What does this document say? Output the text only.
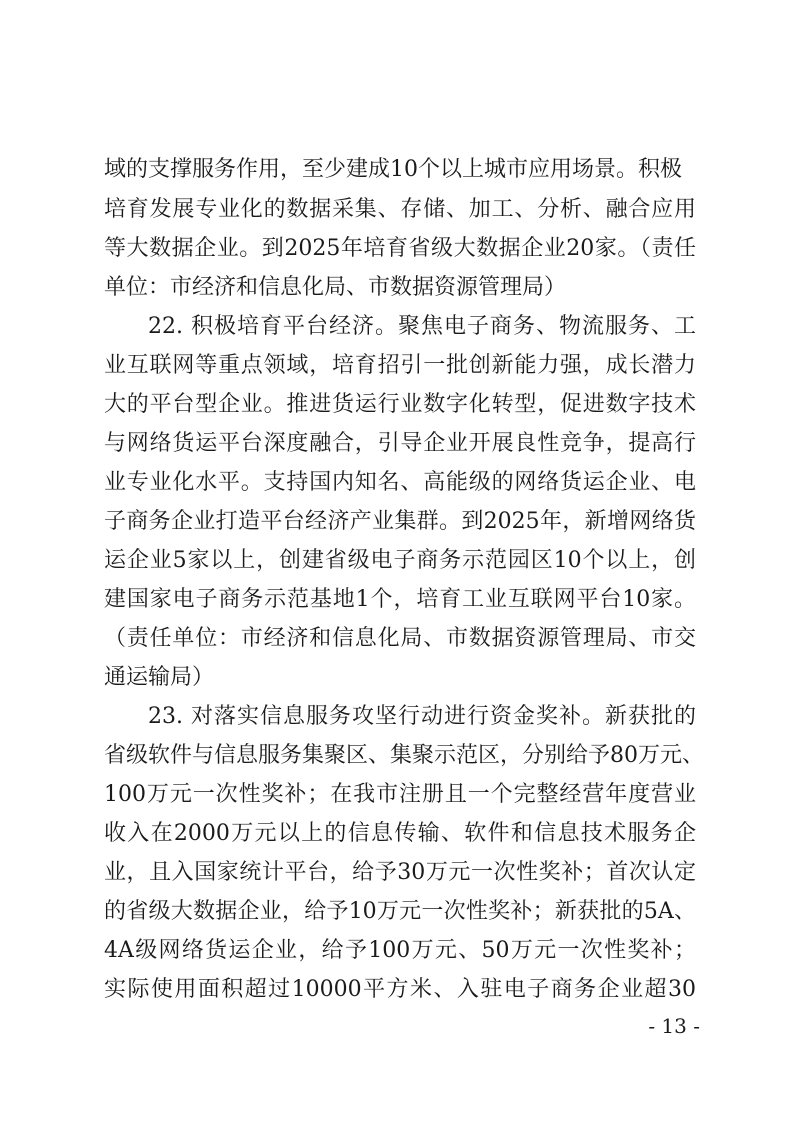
域的支撑服务作用，至少建成10个以上城市应用场景。积极
培育发展专业化的数据采集、存储、加工、分析、融合应用
等大数据企业。到2025年培育省级大数据企业20家。（责任
单位：市经济和信息化局、市数据资源管理局）
22. 积极培育平台经济。聚焦电子商务、物流服务、工
业互联网等重点领域，培育招引一批创新能力强，成长潜力
大的平台型企业。推进货运行业数字化转型，促进数字技术
与网络货运平台深度融合，引导企业开展良性竞争，提高行
业专业化水平。支持国内知名、高能级的网络货运企业、电
子商务企业打造平台经济产业集群。到2025年，新增网络货
运企业5家以上，创建省级电子商务示范园区10个以上，创
建国家电子商务示范基地1个，培育工业互联网平台10家。
（责任单位：市经济和信息化局、市数据资源管理局、市交
通运输局）
23. 对落实信息服务攻坚行动进行资金奖补。新获批的
省级软件与信息服务集聚区、集聚示范区，分别给予80万元、
100万元一次性奖补；在我市注册且一个完整经营年度营业
收入在2000万元以上的信息传输、软件和信息技术服务企
业，且入国家统计平台，给予30万元一次性奖补；首次认定
的省级大数据企业，给予10万元一次性奖补；新获批的5A、
4A级网络货运企业，给予100万元、50万元一次性奖补；
实际使用面积超过10000平方米、入驻电子商务企业超30
- 13 -
